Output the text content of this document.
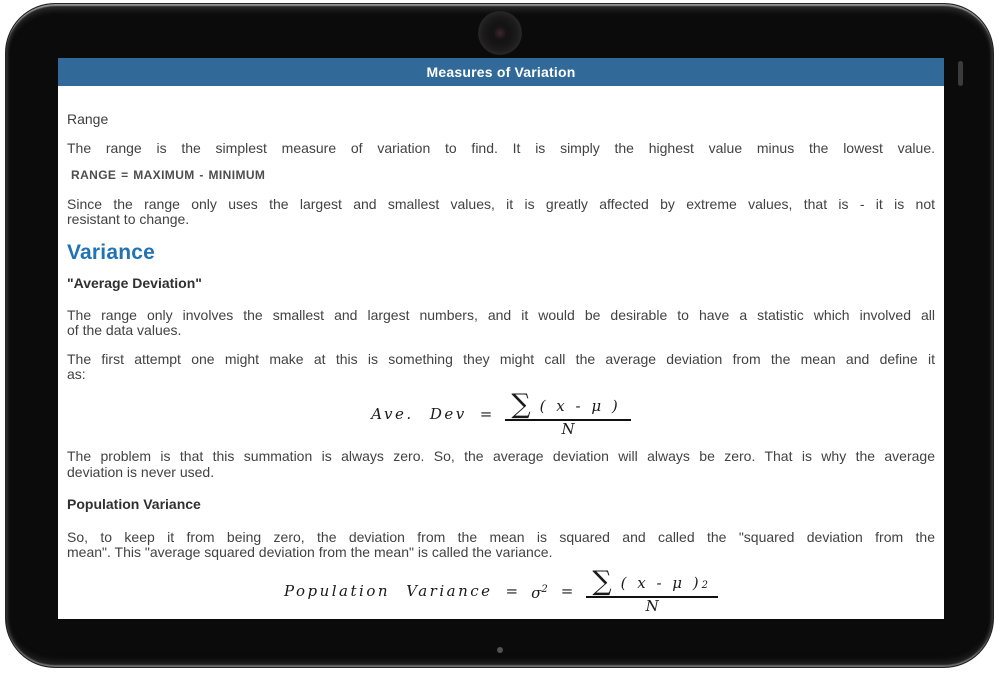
Measures of Variation
Range
The range is the simplest measure of variation to find. It is simply the highest value minus the lowest value.
RANGE = MAXIMUM - MINIMUM
Since the range only uses the largest and smallest values, it is greatly affected by extreme values, that is - it is not
resistant to change.
Variance
"Average Deviation"
The range only involves the smallest and largest numbers, and it would be desirable to have a statistic which involved all
of the data values.
The first attempt one might make at this is something they might call the average deviation from the mean and define it
as:
Ave. Dev = $\frac{\sum ( x - \mu )}{N}$
The problem is that this summation is always zero. So, the average deviation will always be zero. That is why the average
deviation is never used.
Population Variance
So, to keep it from being zero, the deviation from the mean is squared and called the "squared deviation from the
mean". This "average squared deviation from the mean" is called the variance.
Population Variance = $\sigma^2 = \frac{\sum ( x - \mu ) 2}{N}$
